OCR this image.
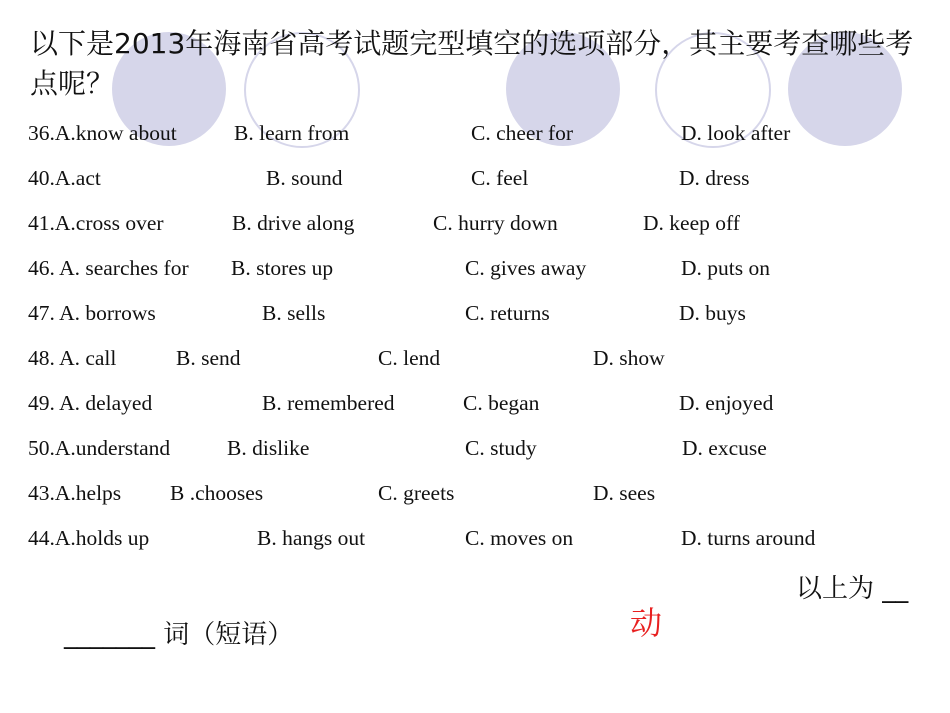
以下是2013年海南省高考试题完型填空的选项部分，其主要考查哪些考点呢？
36.A.know about	B. learn from	C. cheer for	D. look after
40.A.act	B. sound	C. feel	D. dress
41.A.cross over	B. drive along	C. hurry down	D. keep off
46. A. searches for B. stores up	C. gives away	D. puts on
47. A. borrows	B. sells	C. returns	D. buys
48. A. call	B. send	C. lend	D. show
49. A. delayed	B. remembered	C. began	D. enjoyed
50.A.understand	B. dislike	C. study	D. excuse
43.A.helps B .chooses	C. greets	D. sees
44.A.holds up	B. hangs out	C. moves on	D. turns around
以上为 __
_______ 词（短语）	动
